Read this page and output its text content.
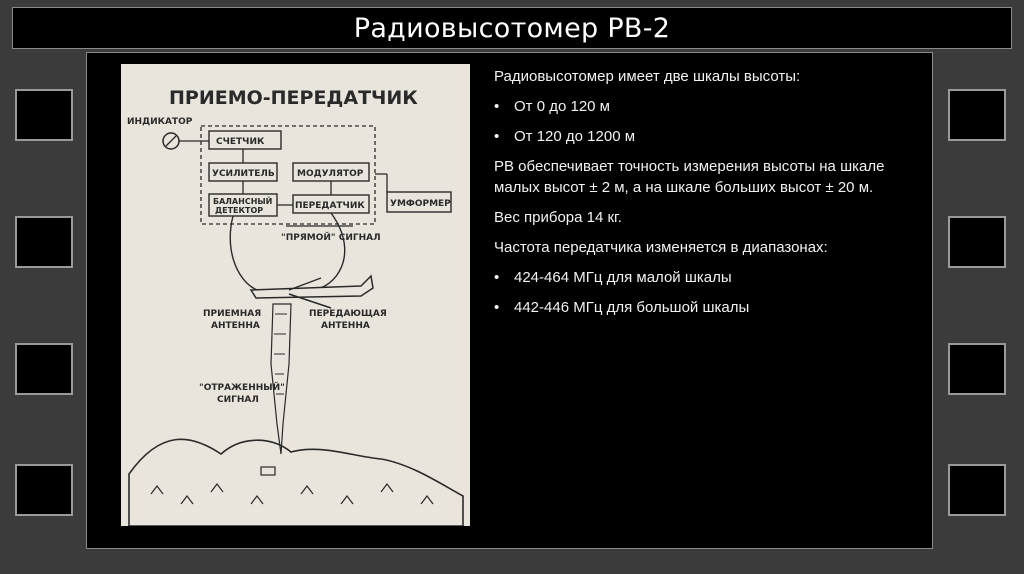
Радиовысотомер РВ-2
ПРИЕМО-ПЕРЕДАТЧИК
ИНДИКАТОР
СЧЕТЧИК
УСИЛИТЕЛЬ МОДУЛЯТОР
БАЛАНСНЫЙ
ДЕТЕКТОР	ПЕРЕДАТЧИК	УМФОРМЕР
"ПРЯМОЙ" СИГНАЛ
ПРИЕМНАЯ
АНТЕННА
ПЕРЕДАЮЩАЯ
АНТЕННА
"ОТРАЖЕННЫЙ"
СИГНАЛ

Радиовысотомер имеет две шкалы высоты:

• От 0 до 120 м

• От 120 до 1200 м

РВ обеспечивает точность измерения высоты на шкале малых высот ± 2 м, а на шкале больших высот ± 20 м.

Вес прибора 14 кг.

Частота передатчика изменяется в диапазонах:

• 424-464 МГц для малой шкалы

• 442-446 МГц для большой шкалы
